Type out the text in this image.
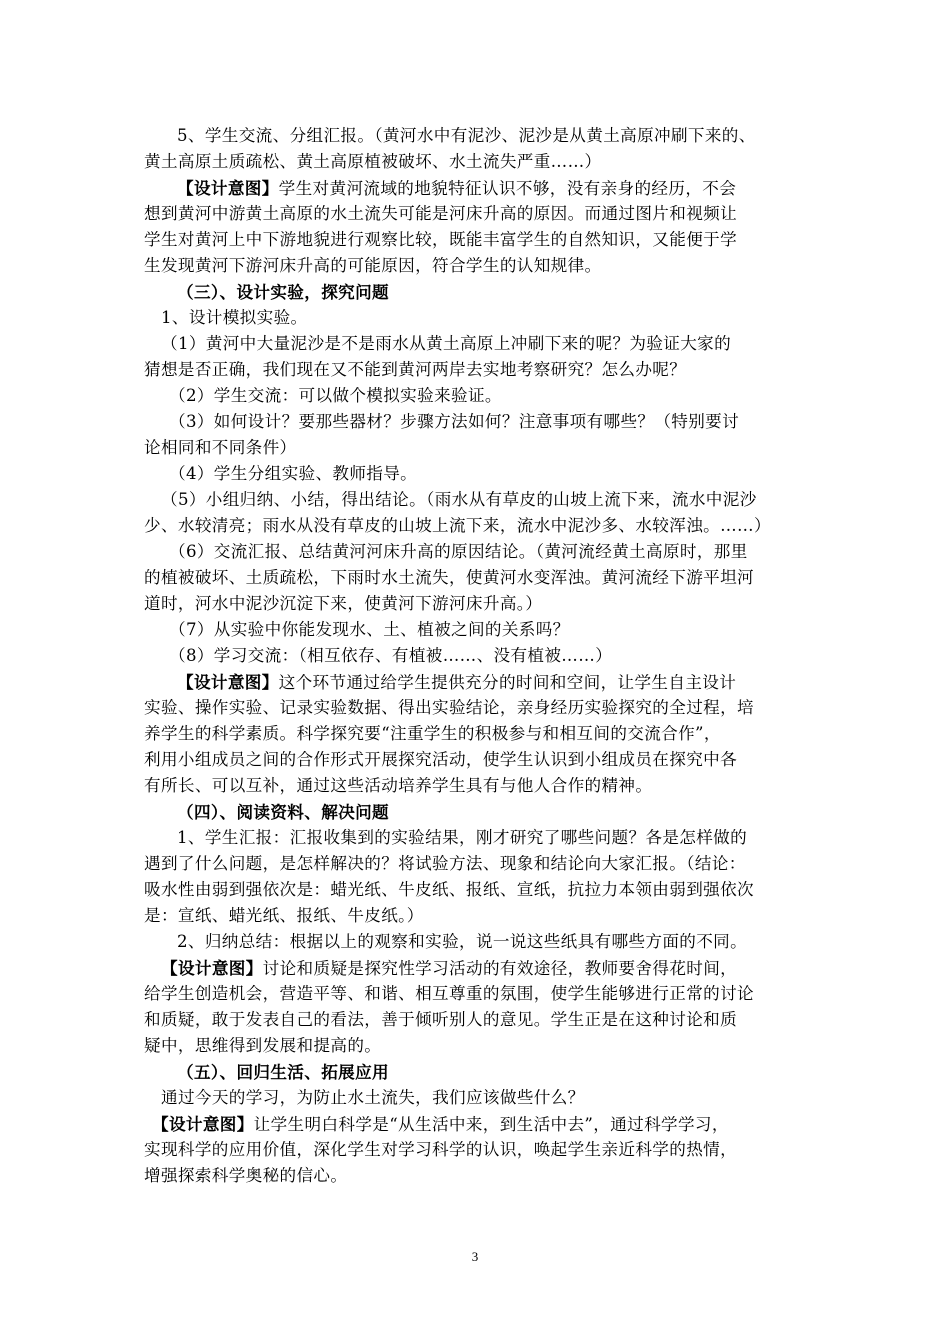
5、学生交流、分组汇报。（黄河水中有泥沙、泥沙是从黄土高原冲刷下来的、
黄土高原土质疏松、黄土高原植被破坏、水土流失严重……）
【设计意图】学生对黄河流域的地貌特征认识不够，没有亲身的经历，不会
想到黄河中游黄土高原的水土流失可能是河床升高的原因。而通过图片和视频让
学生对黄河上中下游地貌进行观察比较，既能丰富学生的自然知识，又能便于学
生发现黄河下游河床升高的可能原因，符合学生的认知规律。
（三）、设计实验，探究问题
1、设计模拟实验。
（1）黄河中大量泥沙是不是雨水从黄土高原上冲刷下来的呢？为验证大家的
猜想是否正确，我们现在又不能到黄河两岸去实地考察研究？怎么办呢？
（2）学生交流：可以做个模拟实验来验证。
（3）如何设计？要那些器材？步骤方法如何？注意事项有哪些？（特别要讨
论相同和不同条件）
（4）学生分组实验、教师指导。
（5）小组归纳、小结，得出结论。（雨水从有草皮的山坡上流下来，流水中泥沙
少、水较清亮；雨水从没有草皮的山坡上流下来，流水中泥沙多、水较浑浊。……）
（6）交流汇报、总结黄河河床升高的原因结论。（黄河流经黄土高原时，那里
的植被破坏、土质疏松，下雨时水土流失，使黄河水变浑浊。黄河流经下游平坦河
道时，河水中泥沙沉淀下来，使黄河下游河床升高。）
（7）从实验中你能发现水、土、植被之间的关系吗？
（8）学习交流：（相互依存、有植被……、没有植被……）
【设计意图】这个环节通过给学生提供充分的时间和空间，让学生自主设计
实验、操作实验、记录实验数据、得出实验结论，亲身经历实验探究的全过程，培
养学生的科学素质。科学探究要“注重学生的积极参与和相互间的交流合作”，
利用小组成员之间的合作形式开展探究活动，使学生认识到小组成员在探究中各
有所长、可以互补，通过这些活动培养学生具有与他人合作的精神。
（四）、阅读资料、解决问题
1、学生汇报：汇报收集到的实验结果，刚才研究了哪些问题？各是怎样做的
遇到了什么问题，是怎样解决的？将试验方法、现象和结论向大家汇报。（结论：
吸水性由弱到强依次是：蜡光纸、牛皮纸、报纸、宣纸，抗拉力本领由弱到强依次
是：宣纸、蜡光纸、报纸、牛皮纸。）
2、归纳总结：根据以上的观察和实验，说一说这些纸具有哪些方面的不同。
【设计意图】讨论和质疑是探究性学习活动的有效途径，教师要舍得花时间，
给学生创造机会，营造平等、和谐、相互尊重的氛围，使学生能够进行正常的讨论
和质疑，敢于发表自己的看法，善于倾听别人的意见。学生正是在这种讨论和质
疑中，思维得到发展和提高的。
（五）、回归生活、拓展应用
通过今天的学习，为防止水土流失，我们应该做些什么？
【设计意图】让学生明白科学是“从生活中来，到生活中去”，通过科学学习，
实现科学的应用价值，深化学生对学习科学的认识，唤起学生亲近科学的热情，
增强探索科学奥秘的信心。
3
